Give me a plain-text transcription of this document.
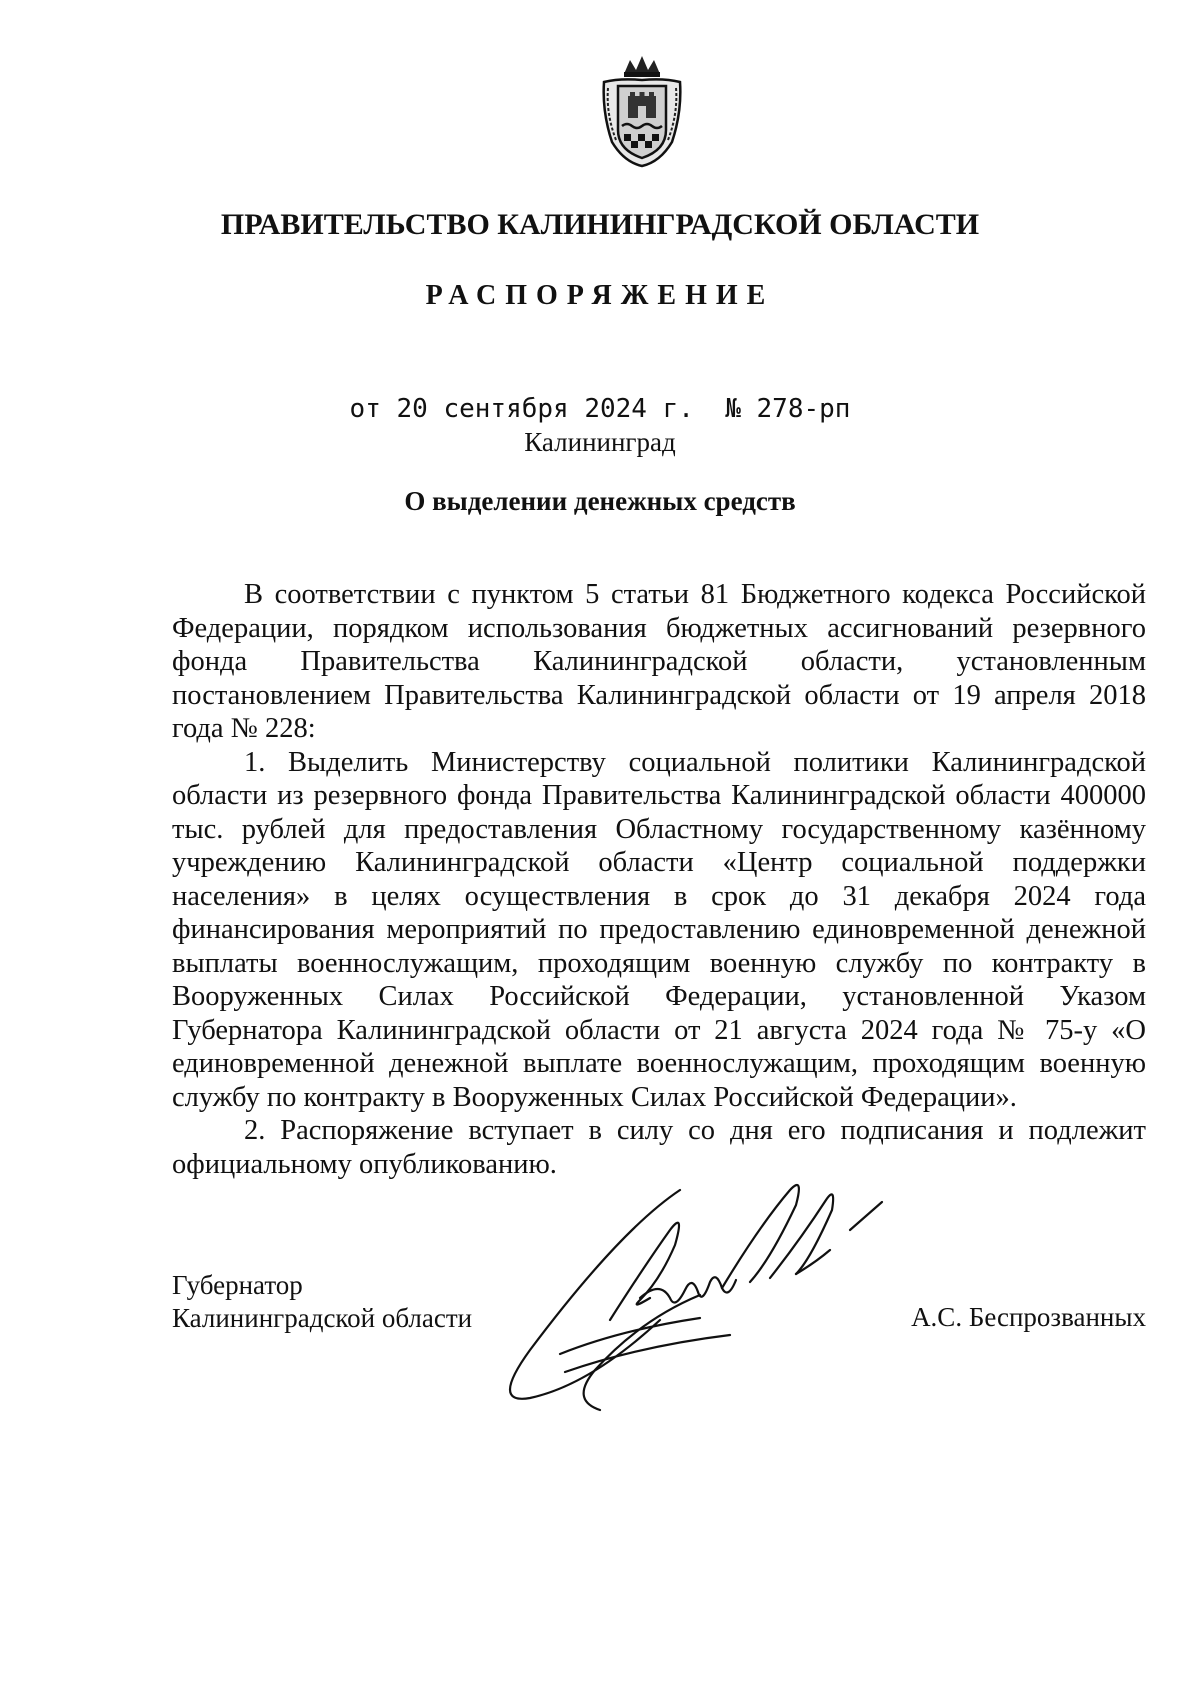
ПРАВИТЕЛЬСТВО КАЛИНИНГРАДСКОЙ ОБЛАСТИ
РАСПОРЯЖЕНИЕ
от 20 сентября 2024 г.  № 278-рп
Калининград
О выделении денежных средств

В соответствии с пунктом 5 статьи 81 Бюджетного кодекса Российской Федерации, порядком использования бюджетных ассигнований резервного фонда Правительства Калининградской области, установленным постановлением Правительства Калининградской области от 19 апреля 2018 года № 228:

1. Выделить Министерству социальной политики Калининградской области из резервного фонда Правительства Калининградской области 400000 тыс. рублей для предоставления Областному государственному казённому учреждению Калининградской области «Центр социальной поддержки населения» в целях осуществления в срок до 31 декабря 2024 года финансирования мероприятий по предоставлению единовременной денежной выплаты военнослужащим, проходящим военную службу по контракту в Вооруженных Силах Российской Федерации, установленной Указом Губернатора Калининградской области от 21 августа 2024 года № 75-у «О единовременной денежной выплате военнослужащим, проходящим военную службу по контракту в Вооруженных Силах Российской Федерации».

2. Распоряжение вступает в силу со дня его подписания и подлежит официальному опубликованию.

Губернатор
Калининградской области	А.С. Беспрозванных
